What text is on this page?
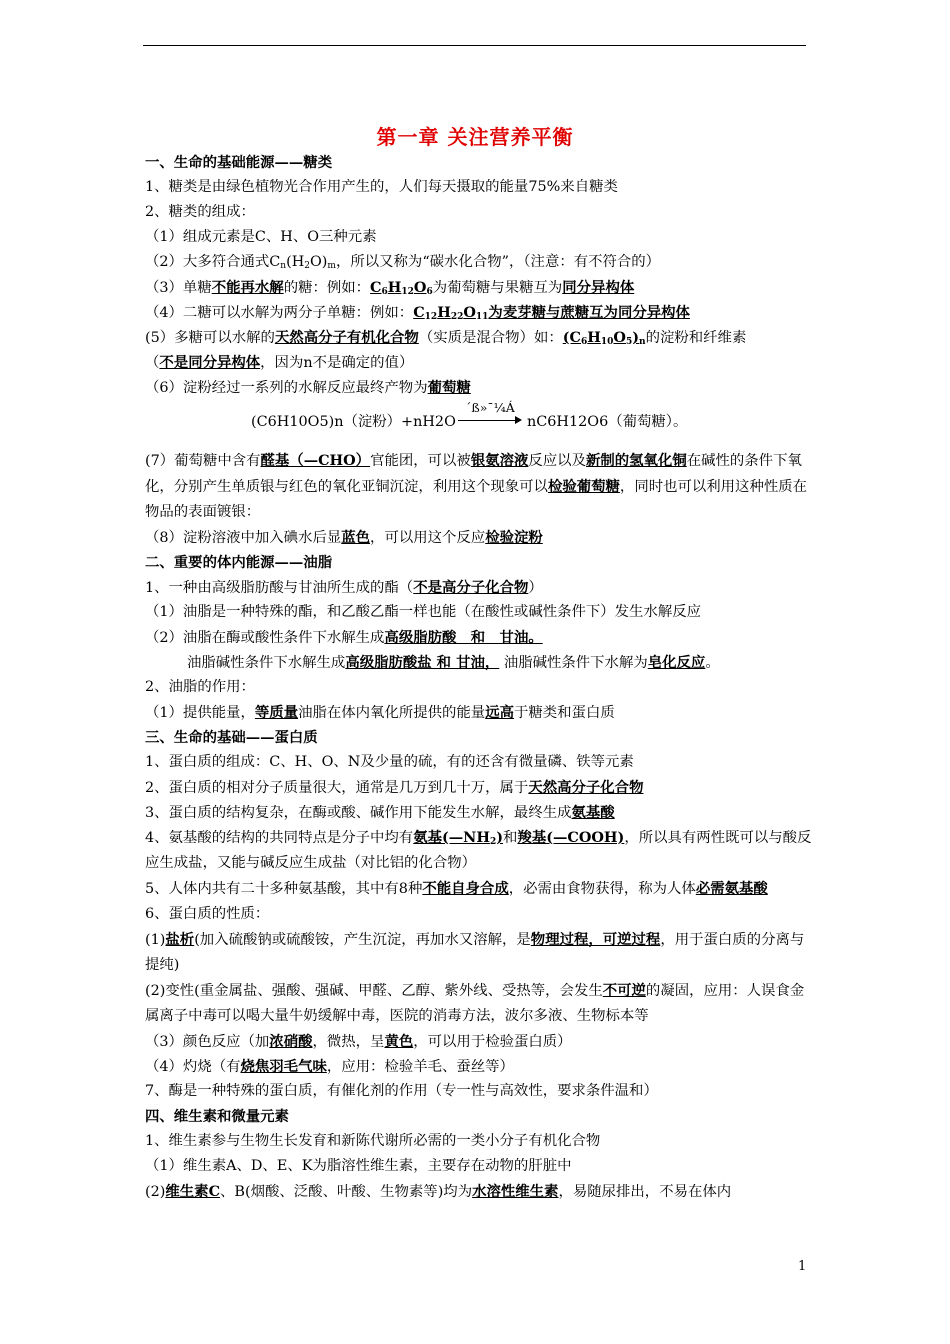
第一章 关注营养平衡
一、生命的基础能源——糖类
1、糖类是由绿色植物光合作用产生的，人们每天摄取的能量75%来自糖类
2、糖类的组成：
（1）组成元素是C、H、O三种元素
（2）大多符合通式$C_n(H_2O)_m$，所以又称为“碳水化合物”，（注意：有不符合的）
（3）单糖不能再水解的糖：例如：$C_6H_{12}O_6$为葡萄糖与果糖互为同分异构体
（4）二糖可以水解为两分子单糖：例如：$C_{12}H_{22}O_{11}$为麦芽糖与蔗糖互为同分异构体
(5）多糖可以水解的天然高分子有机化合物（实质是混合物）如：$(C_6H_{10}O_5)_n$的淀粉和纤维素
（不是同分异构体，因为n不是确定的值）
（6）淀粉经过一系列的水解反应最终产物为葡萄糖
(C6H10O5)n（淀粉）+nH2O
´ß»¯¼Á
nC6H12O6（葡萄糖）。
(7）葡萄糖中含有醛基（—CHO）官能团，可以被银氨溶液反应以及新制的氢氧化铜在碱性的条件下氧化，分别产生单质银与红色的氧化亚铜沉淀，利用这个现象可以检验葡萄糖，同时也可以利用这种性质在物品的表面镀银：
（8）淀粉溶液中加入碘水后显蓝色，可以用这个反应检验淀粉
二、重要的体内能源——油脂
1、一种由高级脂肪酸与甘油所生成的酯（不是高分子化合物）
（1）油脂是一种特殊的酯，和乙酸乙酯一样也能（在酸性或碱性条件下）发生水解反应
（2）油脂在酶或酸性条件下水解生成高级脂肪酸　和　甘油。
油脂碱性条件下水解生成高级脂肪酸盐 和 甘油， 油脂碱性条件下水解为皂化反应。
2、油脂的作用：
（1）提供能量，等质量油脂在体内氧化所提供的能量远高于糖类和蛋白质
三、生命的基础——蛋白质
1、蛋白质的组成：C、H、O、N及少量的硫，有的还含有微量磷、铁等元素
2、蛋白质的相对分子质量很大，通常是几万到几十万，属于天然高分子化合物
3、蛋白质的结构复杂，在酶或酸、碱作用下能发生水解，最终生成氨基酸
4、氨基酸的结构的共同特点是分子中均有氨基$(—NH_2)$和羧基(—COOH)，所以具有两性既可以与酸反应生成盐，又能与碱反应生成盐（对比铝的化合物）
5、人体内共有二十多种氨基酸，其中有8种不能自身合成，必需由食物获得，称为人体必需氨基酸
6、蛋白质的性质：
(1)盐析(加入硫酸钠或硫酸铵，产生沉淀，再加水又溶解，是物理过程，可逆过程，用于蛋白质的分离与提纯)
(2)变性(重金属盐、强酸、强碱、甲醛、乙醇、紫外线、受热等，会发生不可逆的凝固，应用：人误食金属离子中毒可以喝大量牛奶缓解中毒，医院的消毒方法，波尔多液、生物标本等
（3）颜色反应（加浓硝酸，微热，呈黄色，可以用于检验蛋白质）
（4）灼烧（有烧焦羽毛气味，应用：检验羊毛、蚕丝等）
7、酶是一种特殊的蛋白质，有催化剂的作用（专一性与高效性，要求条件温和）
四、维生素和微量元素
1、维生素参与生物生长发育和新陈代谢所必需的一类小分子有机化合物
（1）维生素A、D、E、K为脂溶性维生素，主要存在动物的肝脏中
(2)维生素C、B(烟酸、泛酸、叶酸、生物素等)均为水溶性维生素，易随尿排出，不易在体内
1
